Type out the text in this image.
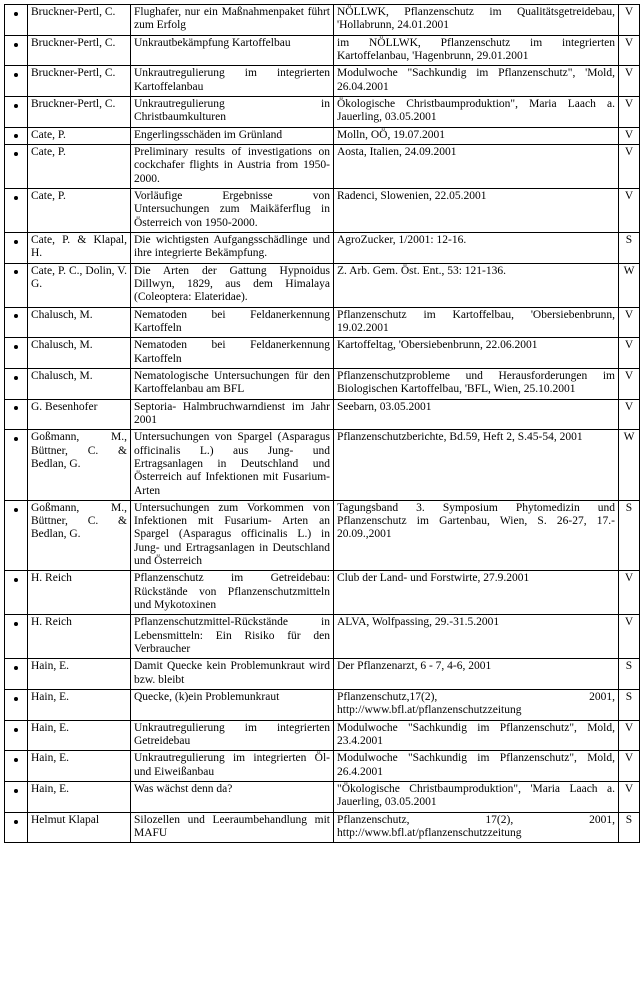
	Bruckner-Pertl, C.	Flughafer, nur ein Maßnahmenpaket führt zum Erfolg	NÖLLWK, Pflanzenschutz im Qualitätsgetreidebau, 'Hollabrunn, 24.01.2001	V
	Bruckner-Pertl, C.	Unkrautbekämpfung Kartoffelbau	im NÖLLWK, Pflanzenschutz im integrierten Kartoffelanbau, 'Hagenbrunn, 29.01.2001	V
	Bruckner-Pertl, C.	Unkrautregulierung im integrierten Kartoffelanbau	Modulwoche "Sachkundig im Pflanzenschutz", 'Mold, 26.04.2001	V
	Bruckner-Pertl, C.	Unkrautregulierung in Christbaumkulturen	Ökologische Christbaumproduktion", Maria Laach a. Jauerling, 03.05.2001	V
	Cate, P.	Engerlingsschäden im Grünland	Molln, OÖ, 19.07.2001	V
	Cate, P.	Preliminary results of investigations on cockchafer flights in Austria from 1950-2000.	Aosta, Italien, 24.09.2001	V
	Cate, P.	Vorläufige Ergebnisse von Untersuchungen zum Maikäferflug in Österreich von 1950-2000.	Radenci, Slowenien, 22.05.2001	V
	Cate, P. & Klapal, H.	Die wichtigsten Aufgangsschädlinge und ihre integrierte Bekämpfung.	AgroZucker, 1/2001: 12-16.	S
	Cate, P. C., Dolin, V. G.	Die Arten der Gattung Hypnoidus Dillwyn, 1829, aus dem Himalaya (Coleoptera: Elateridae).	Z. Arb. Gem. Öst. Ent., 53: 121-136.	W
	Chalusch, M.	Nematoden bei Feldanerkennung Kartoffeln	Pflanzenschutz im Kartoffelbau, 'Obersiebenbrunn, 19.02.2001	V
	Chalusch, M.	Nematoden bei Feldanerkennung Kartoffeln	Kartoffeltag, 'Obersiebenbrunn, 22.06.2001	V
	Chalusch, M.	Nematologische Untersuchungen für den Kartoffelanbau am BFL	Pflanzenschutzprobleme und Herausforderungen im Biologischen Kartoffelbau, 'BFL, Wien, 25.10.2001	V
	G. Besenhofer	Septoria- Halmbruchwarndienst im Jahr 2001	Seebarn, 03.05.2001	V
	Goßmann, M., Büttner, C. & Bedlan, G.	Untersuchungen von Spargel (Asparagus officinalis L.) aus Jung- und Ertragsanlagen in Deutschland und Österreich auf Infektionen mit Fusarium-Arten	Pflanzenschutzberichte, Bd.59, Heft 2, S.45-54, 2001	W
	Goßmann, M., Büttner, C. & Bedlan, G.	Untersuchungen zum Vorkommen von Infektionen mit Fusarium- Arten an Spargel (Asparagus officinalis L.) in Jung- und Ertragsanlagen in Deutschland und Österreich	Tagungsband 3. Symposium Phytomedizin und Pflanzenschutz im Gartenbau, Wien, S. 26-27, 17.- 20.09.,2001	S
	H. Reich	Pflanzenschutz im Getreidebau: Rückstände von Pflanzenschutzmitteln und Mykotoxinen	Club der Land- und Forstwirte, 27.9.2001	V
	H. Reich	Pflanzenschutzmittel-Rückstände in Lebensmitteln: Ein Risiko für den Verbraucher	ALVA, Wolfpassing, 29.-31.5.2001	V
	Hain, E.	Damit Quecke kein Problemunkraut wird bzw. bleibt	Der Pflanzenarzt, 6 - 7, 4-6, 2001	S
	Hain, E.	Quecke, (k)ein Problemunkraut	Pflanzenschutz,17(2), 2001, http://www.bfl.at/pflanzenschutzzeitung	S
	Hain, E.	Unkrautregulierung im integrierten Getreidebau	Modulwoche "Sachkundig im Pflanzenschutz", Mold, 23.4.2001	V
	Hain, E.	Unkrautregulierung im integrierten Öl- und Eiweißanbau	Modulwoche "Sachkundig im Pflanzenschutz", Mold, 26.4.2001	V
	Hain, E.	Was wächst denn da?	"Ökologische Christbaumproduktion", 'Maria Laach a. Jauerling, 03.05.2001	V
	Helmut Klapal	Silozellen und Leeraumbehandlung mit MAFU	Pflanzenschutz, 17(2), 2001, http://www.bfl.at/pflanzenschutzzeitung	S
